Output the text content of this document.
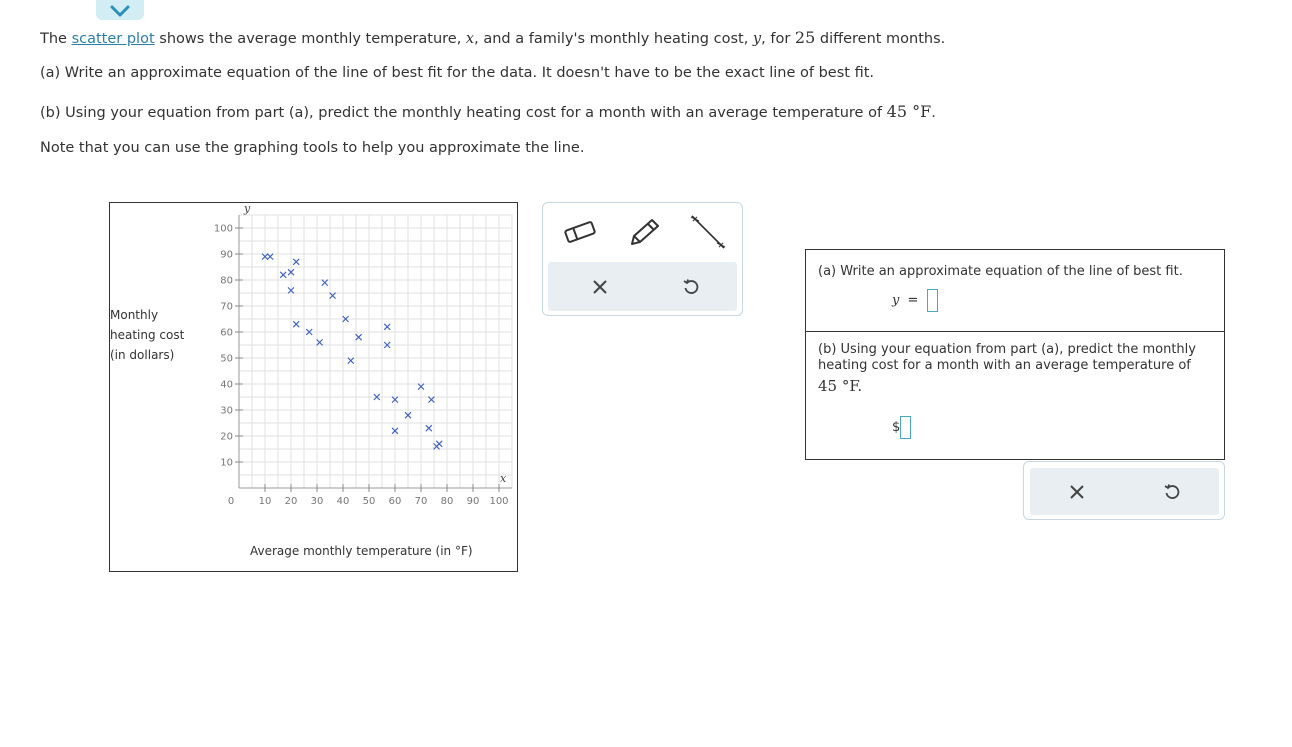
The scatter plot shows the average monthly temperature, x, and a family's monthly heating cost, y, for 25 different months.
(a) Write an approximate equation of the line of best fit for the data. It doesn't have to be the exact line of best fit.
(b) Using your equation from part (a), predict the monthly heating cost for a month with an average temperature of 45 °F.
Note that you can use the graphing tools to help you approximate the line.
Monthly
heating cost
(in dollars)
Average monthly temperature (in °F)
10 20 30 40 50 60 70 80 90 100
10
20
30
40
50
60
70
80
90
100
0
y
x
(a) Write an approximate equation of the line of best fit.
y =
(b) Using your equation from part (a), predict the monthly
heating cost for a month with an average temperature of
45 °F.
$
